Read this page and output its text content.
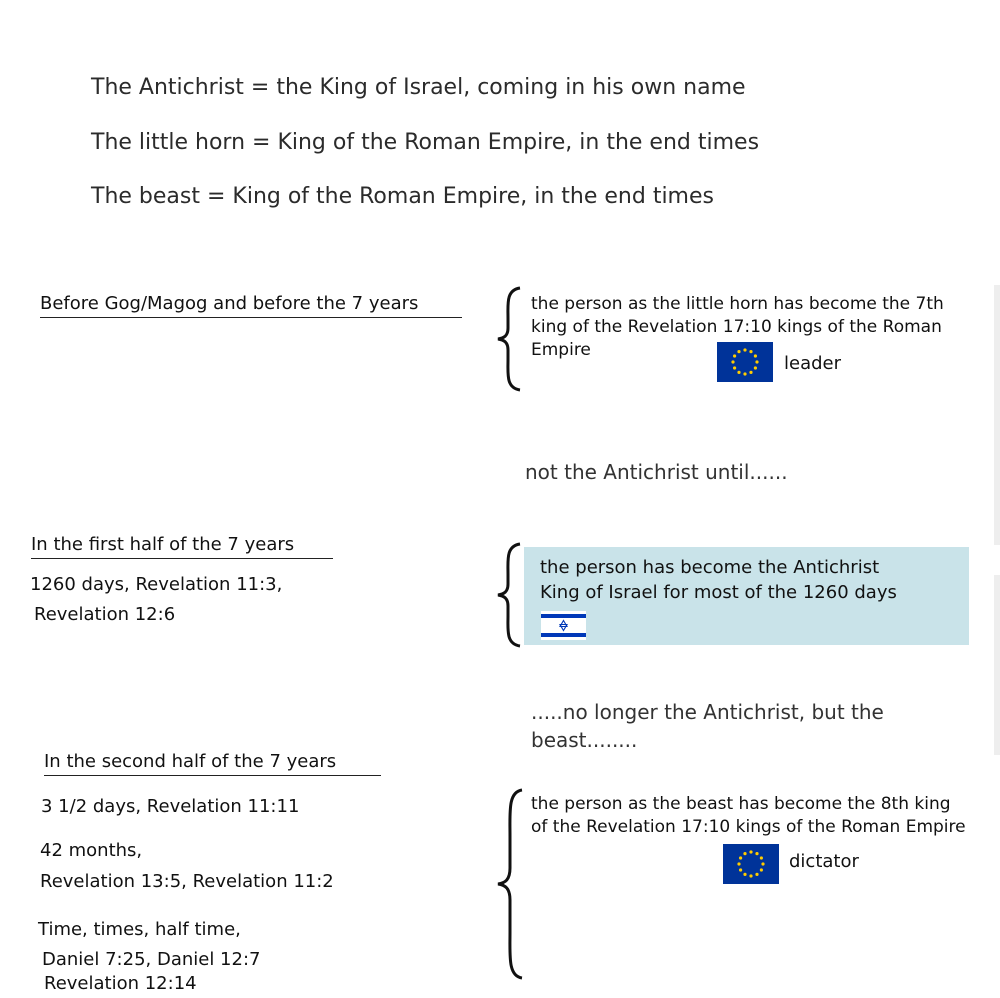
The Antichrist = the King of Israel, coming in his own name
The little horn = King of the Roman Empire, in the end times
The beast = King of the Roman Empire, in the end times
Before Gog/Magog and before the 7 years	the person as the little horn has become the 7th king of the Revelation 17:10 kings of the Roman Empire
leader
not the Antichrist until......
In the first half of the 7 years
1260 days, Revelation 11:3,
Revelation 12:6
the person has become the Antichrist
King of Israel for most of the 1260 days
.....no longer the Antichrist, but the beast........
In the second half of the 7 years
3 1/2 days, Revelation 11:11
42 months,
Revelation 13:5, Revelation 11:2
Time, times, half time,
Daniel 7:25, Daniel 12:7
Revelation 12:14
the person as the beast has become the 8th king of the Revelation 17:10 kings of the Roman Empire
dictator
